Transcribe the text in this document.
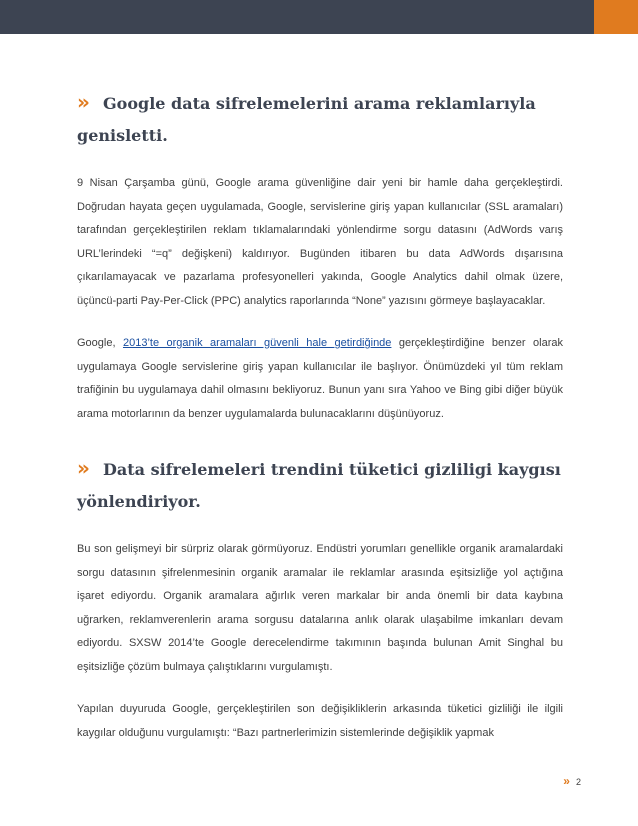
» Google data sifrelemelerini arama reklamlarıyla genisletti.

9 Nisan Çarşamba günü, Google arama güvenliğine dair yeni bir hamle daha gerçekleştirdi. Doğrudan hayata geçen uygulamada, Google, servislerine giriş yapan kullanıcılar (SSL aramaları) tarafından gerçekleştirilen reklam tıklamalarındaki yönlendirme sorgu datasını (AdWords varış URL’lerindeki “=q” değişkeni) kaldırıyor. Bugünden itibaren bu data AdWords dışarısına çıkarılamayacak ve pazarlama profesyonelleri yakında, Google Analytics dahil olmak üzere, üçüncü-parti Pay-Per-Click (PPC) analytics raporlarında “None” yazısını görmeye başlayacaklar.

Google, 2013’te organik aramaları güvenli hale getirdiğinde gerçekleştirdiğine benzer olarak uygulamaya Google servislerine giriş yapan kullanıcılar ile başlıyor. Önümüzdeki yıl tüm reklam trafiğinin bu uygulamaya dahil olmasını bekliyoruz. Bunun yanı sıra Yahoo ve Bing gibi diğer büyük arama motorlarının da benzer uygulamalarda bulunacaklarını düşünüyoruz.

» Data sifrelemeleri trendini tüketici gizliligi kaygısı yönlendiriyor.

Bu son gelişmeyi bir sürpriz olarak görmüyoruz. Endüstri yorumları genellikle organik aramalardaki sorgu datasının şifrelenmesinin organik aramalar ile reklamlar arasında eşitsizliğe yol açtığına işaret ediyordu. Organik aramalara ağırlık veren markalar bir anda önemli bir data kaybına uğrarken, reklamverenlerin arama sorgusu datalarına anlık olarak ulaşabilme imkanları devam ediyordu. SXSW 2014’te Google derecelendirme takımının başında bulunan Amit Singhal bu eşitsizliğe çözüm bulmaya çalıştıklarını vurgulamıştı.

Yapılan duyuruda Google, gerçekleştirilen son değişikliklerin arkasında tüketici gizliliği ile ilgili kaygılar olduğunu vurgulamıştı: “Bazı partnerlerimizin sistemlerinde değişiklik yapmak

» 2
